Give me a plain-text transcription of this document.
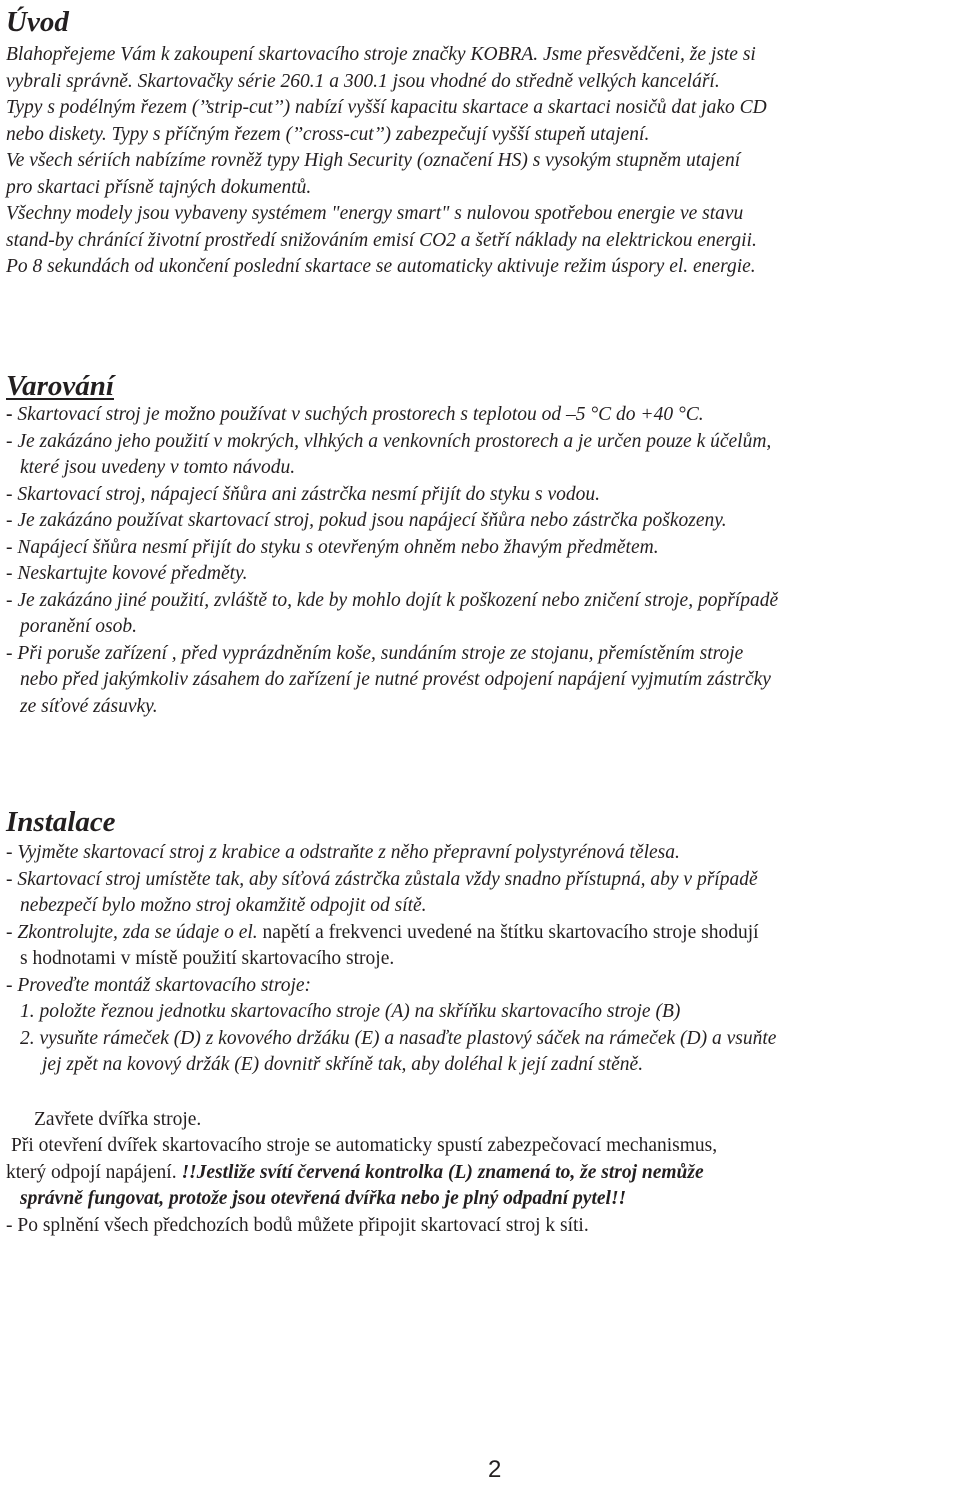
Úvod
Blahopřejeme Vám k zakoupení skartovacího stroje značky KOBRA. Jsme přesvědčeni, že jste si
vybrali správně. Skartovačky série 260.1 a 300.1 jsou vhodné do středně velkých kanceláří.
Typy s podélným řezem (’’strip-cut’’) nabízí vyšší kapacitu skartace a skartaci nosičů dat jako CD
nebo diskety. Typy s příčným řezem (’’cross-cut’’) zabezpečují vyšší stupeň utajení.
Ve všech sériích nabízíme rovněž typy High Security (označení HS) s vysokým stupněm utajení
pro skartaci přísně tajných dokumentů.
Všechny modely jsou vybaveny systémem "energy smart" s nulovou spotřebou energie ve stavu
stand-by chránící životní prostředí snižováním emisí CO2 a šetří náklady na elektrickou energii.
Po 8 sekundách od ukončení poslední skartace se automaticky aktivuje režim úspory el. energie.
Varování
- Skartovací stroj je možno používat v suchých prostorech s teplotou od –5 °C do +40 °C.
- Je zakázáno jeho použití v mokrých, vlhkých a venkovních prostorech a je určen pouze k účelům,
které jsou uvedeny v tomto návodu.
- Skartovací stroj, nápajecí šňůra ani zástrčka nesmí přijít do styku s vodou.
- Je zakázáno používat skartovací stroj, pokud jsou napájecí šňůra nebo zástrčka poškozeny.
- Napájecí šňůra nesmí přijít do styku s otevřeným ohněm nebo žhavým předmětem.
- Neskartujte kovové předměty.
- Je zakázáno jiné použití, zvláště to, kde by mohlo dojít k poškození nebo zničení stroje, popřípadě
poranění osob.
- Při poruše zařízení , před vyprázdněním koše, sundáním stroje ze stojanu, přemístěním stroje
nebo před jakýmkoliv zásahem do zařízení je nutné provést odpojení napájení vyjmutím zástrčky
ze síťové zásuvky.
Instalace
- Vyjměte skartovací stroj z krabice a odstraňte z něho přepravní polystyrénová tělesa.
- Skartovací stroj umístěte tak, aby síťová zástrčka zůstala vždy snadno přístupná, aby v případě
nebezpečí bylo možno stroj okamžitě odpojit od sítě.
- Zkontrolujte, zda se údaje o el. napětí a frekvenci uvedené na štítku skartovacího stroje shodují
s hodnotami v místě použití skartovacího stroje.
- Proveďte montáž skartovacího stroje:
1. položte řeznou jednotku skartovacího stroje (A) na skříňku skartovacího stroje (B)
2. vysuňte rámeček (D) z kovového držáku (E) a nasaďte plastový sáček na rámeček (D) a vsuňte
jej zpět na kovový držák (E) dovnitř skříně tak, aby doléhal k její zadní stěně.
Zavřete dvířka stroje.
Při otevření dvířek skartovacího stroje se automaticky spustí zabezpečovací mechanismus,
který odpojí napájení. !!Jestliže svítí červená kontrolka (L) znamená to, že stroj nemůže
správně fungovat, protože jsou otevřená dvířka nebo je plný odpadní pytel!!
- Po splnění všech předchozích bodů můžete připojit skartovací stroj k síti.
2
